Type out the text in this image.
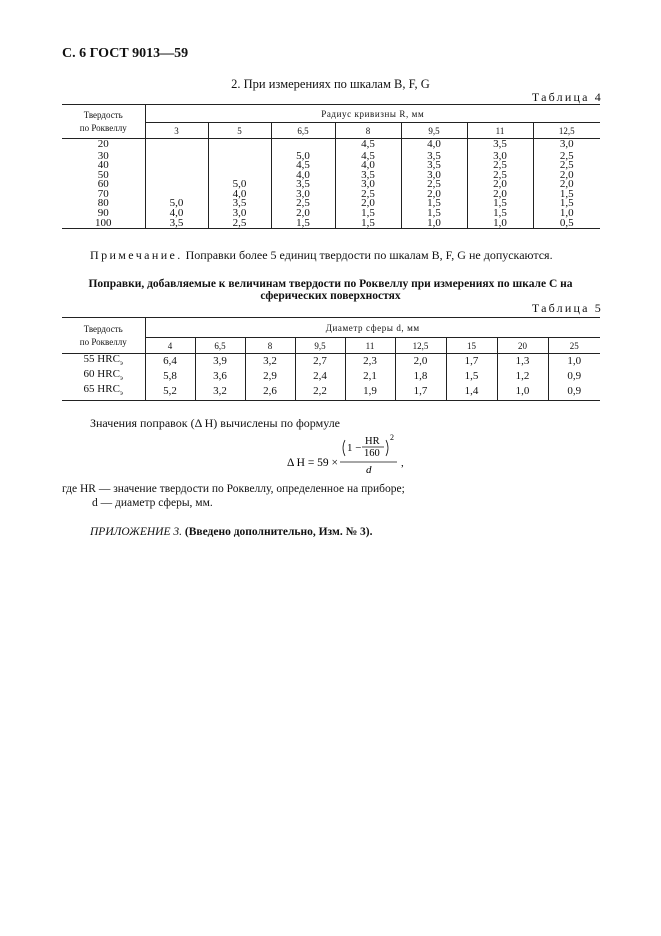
С. 6 ГОСТ 9013—59
2. При измерениях по шкалам B, F, G
Таблица 4
Твердость
по Роквеллу	Радиус кривизны R, мм						
	3	5	6,5	8	9,5	11	12,5
20				4,5	4,0	3,5	3,0
30			5,0	4,5	3,5	3,0	2,5
40			4,5	4,0	3,5	2,5	2,5
50			4,0	3,5	3,0	2,5	2,0
60		5,0	3,5	3,0	2,5	2,0	2,0
70		4,0	3,0	2,5	2,0	2,0	1,5
80	5,0	3,5	2,5	2,0	1,5	1,5	1,5
90	4,0	3,0	2,0	1,5	1,5	1,5	1,0
100	3,5	2,5	1,5	1,5	1,0	1,0	0,5
Примечание. Поправки более 5 единиц твердости по шкалам B, F, G не допускаются.
Поправки, добавляемые к величинам твердости по Роквеллу при измерениях по шкале C на сферических поверхностях
Таблица 5
Твердость
по Роквеллу	Диаметр сферы d, мм								
	4	6,5	8	9,5	11	12,5	15	20	25
55 $HRC_э$	6,4	3,9	3,2	2,7	2,3	2,0	1,7	1,3	1,0
60 $HRC_э$	5,8	3,6	2,9	2,4	2,1	1,8	1,5	1,2	0,9
65 $HRC_э$	5,2	3,2	2,6	2,2	1,9	1,7	1,4	1,0	0,9
Значения поправок (Δ H) вычислены по формуле
Δ H = 59 ×
1 −
HR
160
2
d
,
где HR — значение твердости по Роквеллу, определенное на приборе;
d — диаметр сферы, мм.
ПРИЛОЖЕНИЕ 3. (Введено дополнительно, Изм. № 3).
